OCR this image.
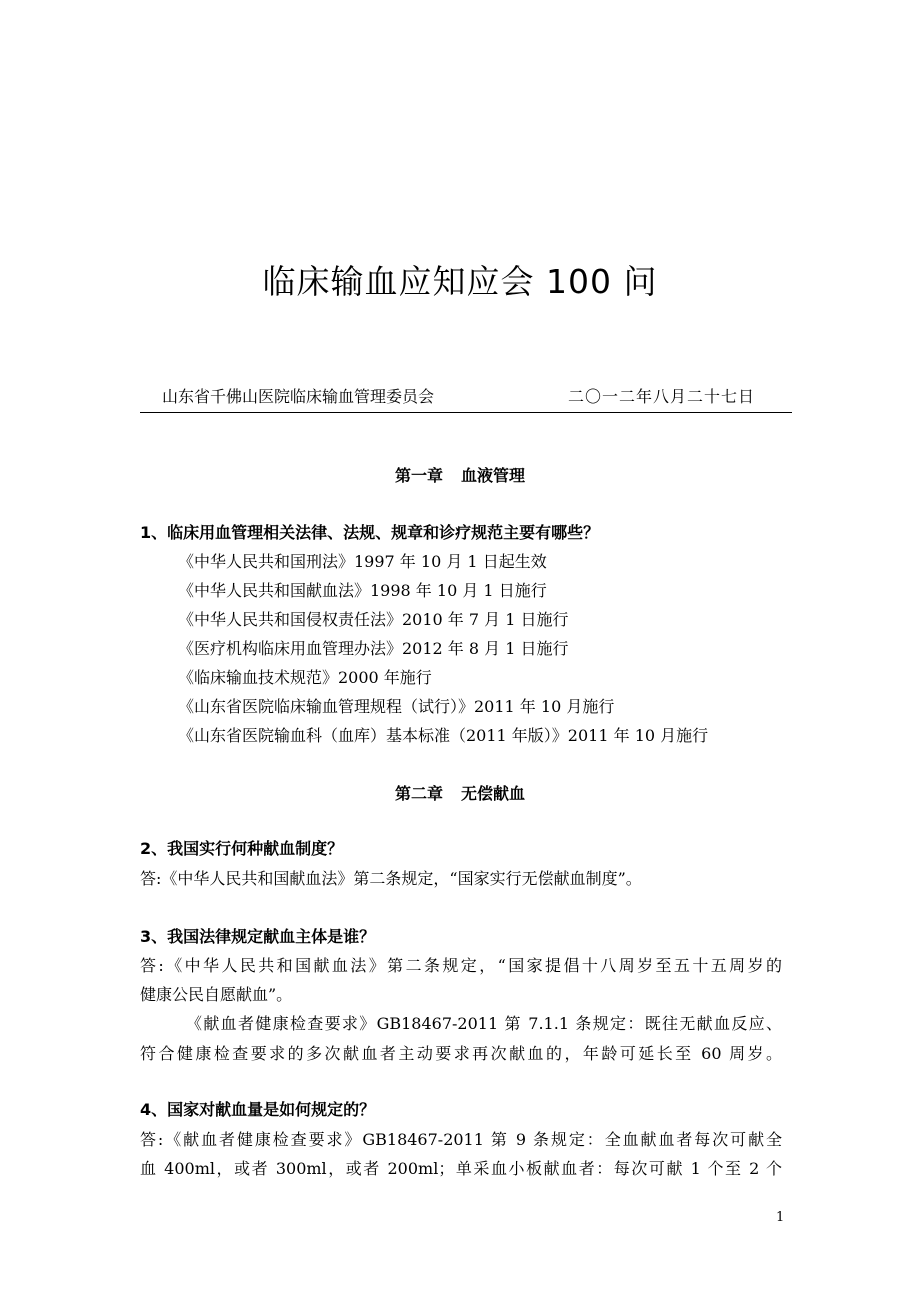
临床输血应知应会 100 问
山东省千佛山医院临床输血管理委员会	二〇一二年八月二十七日
第一章 血液管理
1、临床用血管理相关法律、法规、规章和诊疗规范主要有哪些？
《中华人民共和国刑法》1997 年 10 月 1 日起生效
《中华人民共和国献血法》1998 年 10 月 1 日施行
《中华人民共和国侵权责任法》2010 年 7 月 1 日施行
《医疗机构临床用血管理办法》2012 年 8 月 1 日施行
《临床输血技术规范》2000 年施行
《山东省医院临床输血管理规程（试行）》2011 年 10 月施行
《山东省医院输血科（血库）基本标准（2011 年版）》2011 年 10 月施行
第二章 无偿献血
2、我国实行何种献血制度？
答:《中华人民共和国献血法》第二条规定，“国家实行无偿献血制度”。
3、我国法律规定献血主体是谁？
答:《中华人民共和国献血法》第二条规定，“国家提倡十八周岁至五十五周岁的
健康公民自愿献血”。
《献血者健康检查要求》GB18467-2011 第 7.1.1 条规定：既往无献血反应、
符合健康检查要求的多次献血者主动要求再次献血的，年龄可延长至 60 周岁。
4、国家对献血量是如何规定的？
答:《献血者健康检查要求》GB18467-2011 第 9 条规定：全血献血者每次可献全
血 400ml，或者 300ml，或者 200ml；单采血小板献血者：每次可献 1 个至 2 个
1
